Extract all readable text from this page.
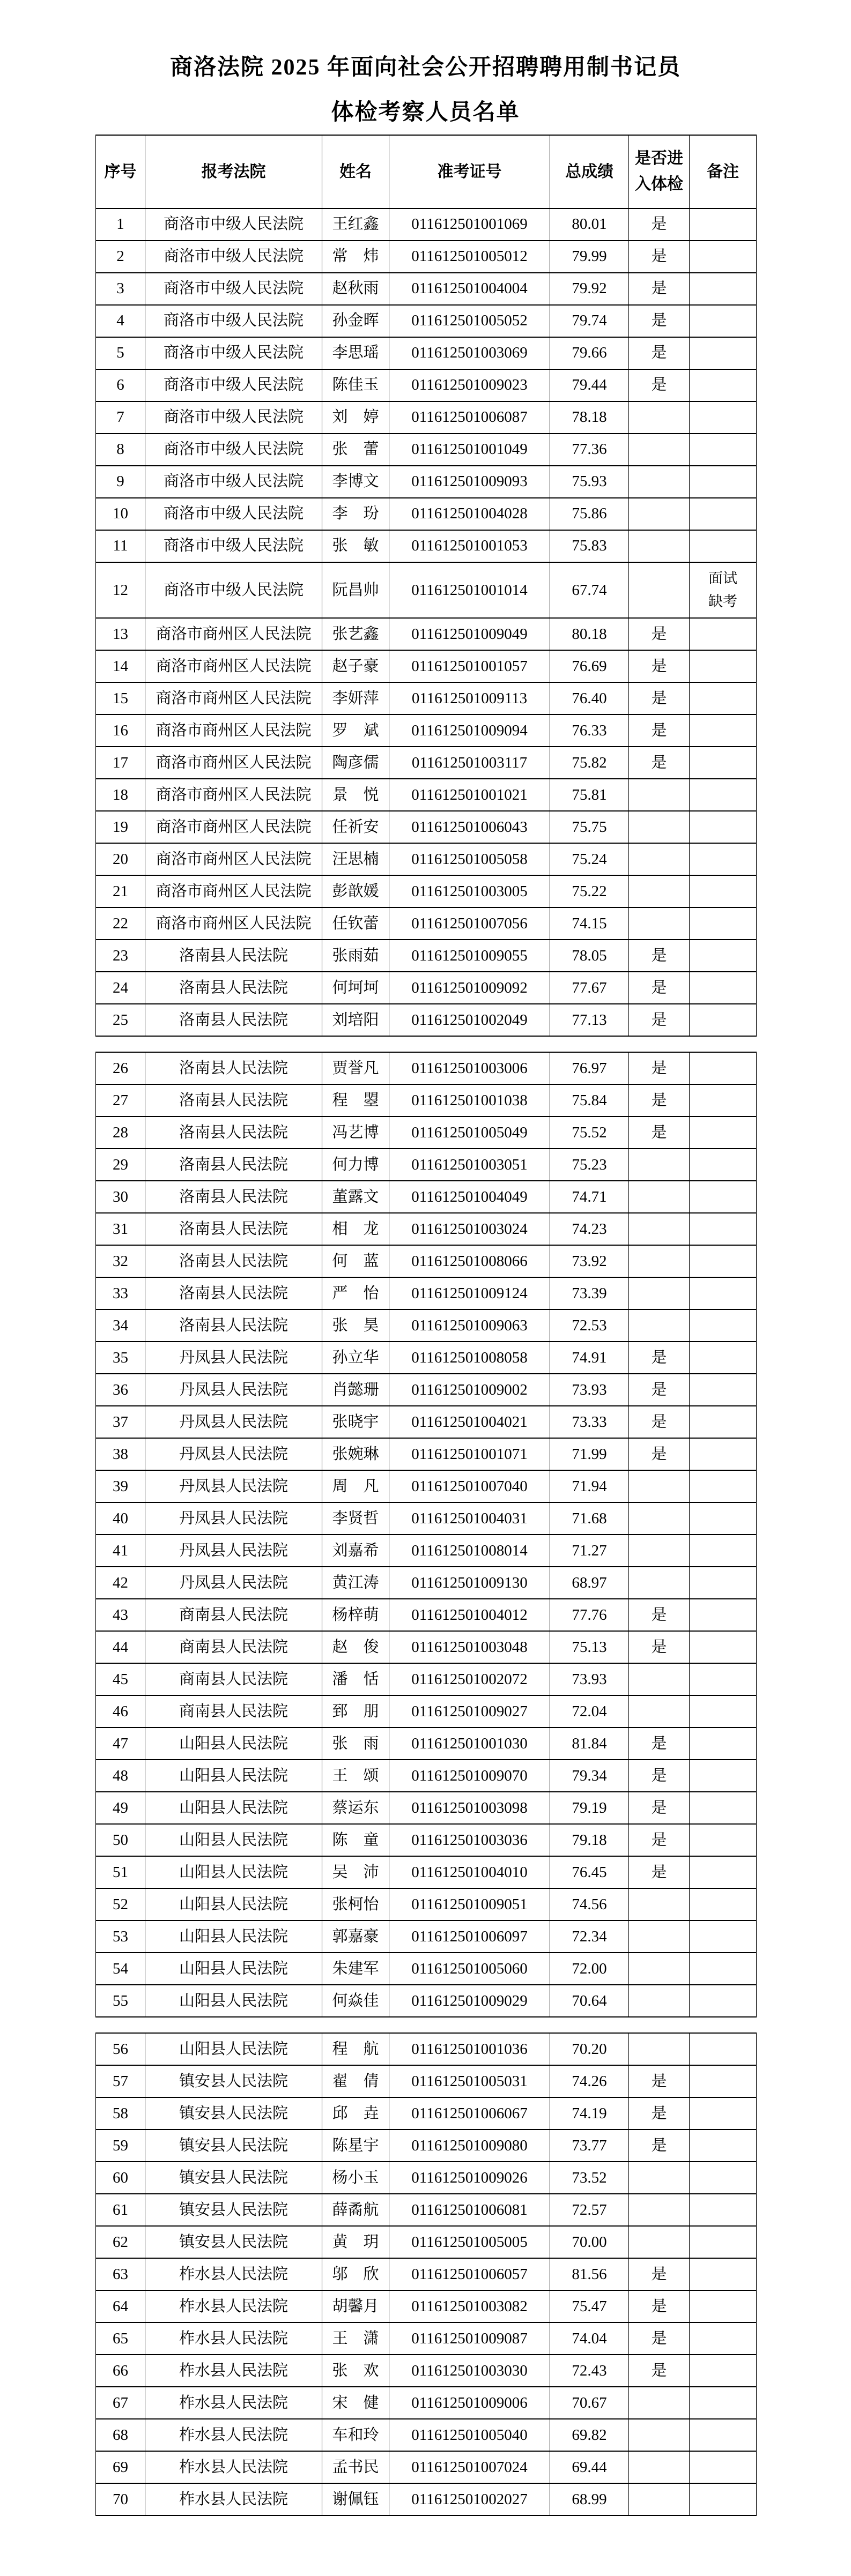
商洛法院 2025 年面向社会公开招聘聘用制书记员
体检考察人员名单
序号	报考法院	姓名	准考证号	总成绩	是否进
入体检	备注
1	商洛市中级人民法院	王红鑫	011612501001069	80.01	是	
2	商洛市中级人民法院	常　炜	011612501005012	79.99	是	
3	商洛市中级人民法院	赵秋雨	011612501004004	79.92	是	
4	商洛市中级人民法院	孙金晖	011612501005052	79.74	是	
5	商洛市中级人民法院	李思瑶	011612501003069	79.66	是	
6	商洛市中级人民法院	陈佳玉	011612501009023	79.44	是	
7	商洛市中级人民法院	刘　婷	011612501006087	78.18		
8	商洛市中级人民法院	张　蕾	011612501001049	77.36		
9	商洛市中级人民法院	李博文	011612501009093	75.93		
10	商洛市中级人民法院	李　玢	011612501004028	75.86		
11	商洛市中级人民法院	张　敏	011612501001053	75.83		
12	商洛市中级人民法院	阮昌帅	011612501001014	67.74		面试缺考
13	商洛市商州区人民法院	张艺鑫	011612501009049	80.18	是	
14	商洛市商州区人民法院	赵子豪	011612501001057	76.69	是	
15	商洛市商州区人民法院	李妍萍	011612501009113	76.40	是	
16	商洛市商州区人民法院	罗　斌	011612501009094	76.33	是	
17	商洛市商州区人民法院	陶彦儒	011612501003117	75.82	是	
18	商洛市商州区人民法院	景　悦	011612501001021	75.81		
19	商洛市商州区人民法院	任祈安	011612501006043	75.75		
20	商洛市商州区人民法院	汪思楠	011612501005058	75.24		
21	商洛市商州区人民法院	彭歆媛	011612501003005	75.22		
22	商洛市商州区人民法院	任钦蕾	011612501007056	74.15		
23	洛南县人民法院	张雨茹	011612501009055	78.05	是	
24	洛南县人民法院	何坷坷	011612501009092	77.67	是	
25	洛南县人民法院	刘培阳	011612501002049	77.13	是	
26	洛南县人民法院	贾誉凡	011612501003006	76.97	是	
27	洛南县人民法院	程　曌	011612501001038	75.84	是	
28	洛南县人民法院	冯艺博	011612501005049	75.52	是	
29	洛南县人民法院	何力博	011612501003051	75.23		
30	洛南县人民法院	董露文	011612501004049	74.71		
31	洛南县人民法院	相　龙	011612501003024	74.23		
32	洛南县人民法院	何　蓝	011612501008066	73.92		
33	洛南县人民法院	严　怡	011612501009124	73.39		
34	洛南县人民法院	张　昊	011612501009063	72.53		
35	丹凤县人民法院	孙立华	011612501008058	74.91	是	
36	丹凤县人民法院	肖懿珊	011612501009002	73.93	是	
37	丹凤县人民法院	张晓宇	011612501004021	73.33	是	
38	丹凤县人民法院	张婉琳	011612501001071	71.99	是	
39	丹凤县人民法院	周　凡	011612501007040	71.94		
40	丹凤县人民法院	李贤哲	011612501004031	71.68		
41	丹凤县人民法院	刘嘉希	011612501008014	71.27		
42	丹凤县人民法院	黄江涛	011612501009130	68.97		
43	商南县人民法院	杨梓萌	011612501004012	77.76	是	
44	商南县人民法院	赵　俊	011612501003048	75.13	是	
45	商南县人民法院	潘　恬	011612501002072	73.93		
46	商南县人民法院	郅　朋	011612501009027	72.04		
47	山阳县人民法院	张　雨	011612501001030	81.84	是	
48	山阳县人民法院	王　颂	011612501009070	79.34	是	
49	山阳县人民法院	蔡运东	011612501003098	79.19	是	
50	山阳县人民法院	陈　童	011612501003036	79.18	是	
51	山阳县人民法院	吴　沛	011612501004010	76.45	是	
52	山阳县人民法院	张柯怡	011612501009051	74.56		
53	山阳县人民法院	郭嘉豪	011612501006097	72.34		
54	山阳县人民法院	朱建军	011612501005060	72.00		
55	山阳县人民法院	何焱佳	011612501009029	70.64		
56	山阳县人民法院	程　航	011612501001036	70.20		
57	镇安县人民法院	翟　倩	011612501005031	74.26	是	
58	镇安县人民法院	邱　垚	011612501006067	74.19	是	
59	镇安县人民法院	陈星宇	011612501009080	73.77	是	
60	镇安县人民法院	杨小玉	011612501009026	73.52		
61	镇安县人民法院	薛矞航	011612501006081	72.57		
62	镇安县人民法院	黄　玥	011612501005005	70.00		
63	柞水县人民法院	邬　欣	011612501006057	81.56	是	
64	柞水县人民法院	胡馨月	011612501003082	75.47	是	
65	柞水县人民法院	王　潇	011612501009087	74.04	是	
66	柞水县人民法院	张　欢	011612501003030	72.43	是	
67	柞水县人民法院	宋　健	011612501009006	70.67		
68	柞水县人民法院	车和玲	011612501005040	69.82		
69	柞水县人民法院	孟书民	011612501007024	69.44		
70	柞水县人民法院	谢佩钰	011612501002027	68.99		
